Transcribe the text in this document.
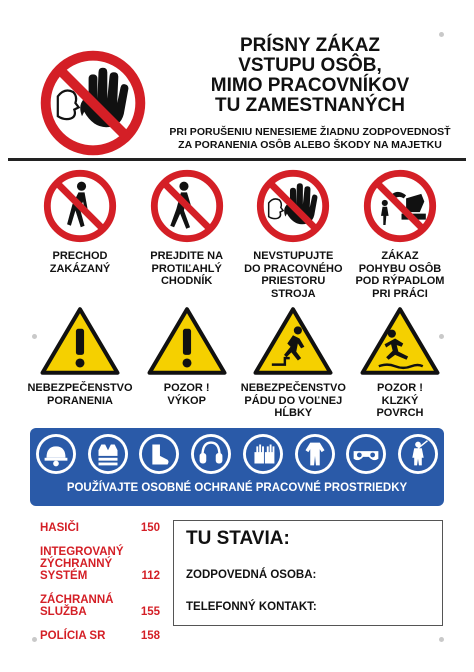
PRÍSNY ZÁKAZ
VSTUPU OSÔB,
MIMO PRACOVNÍKOV
TU ZAMESTNANÝCH
PRI PORUŠENIU NENESIEME ŽIADNU ZODPOVEDNOSŤ
ZA PORANENIA OSÔB ALEBO ŠKODY NA MAJETKU
PRECHOD
ZAKÁZANÝ
PREJDITE NA
PROTIĽAHLÝ
CHODNÍK
NEVSTUPUJTE
DO PRACOVNÉHO
PRIESTORU
STROJA
ZÁKAZ
POHYBU OSÔB
POD RÝPADLOM
PRI PRÁCI
NEBEZPEČENSTVO
PORANENIA
POZOR !
VÝKOP
NEBEZPEČENSTVO
PÁDU DO VOĽNEJ
HĹBKY
POZOR !
KLZKÝ
POVRCH
POUŽÍVAJTE OSOBNÉ OCHRANÉ PRACOVNÉ PROSTRIEDKY
HASIČI	150
INTEGROVANÝ
ZÝCHRANNÝ
SYSTÉM	112
ZÁCHRANNÁ
SLUŽBA	155
POLÍCIA SR	158
TU STAVIA:
ZODPOVEDNÁ OSOBA:
TELEFONNÝ KONTAKT:
